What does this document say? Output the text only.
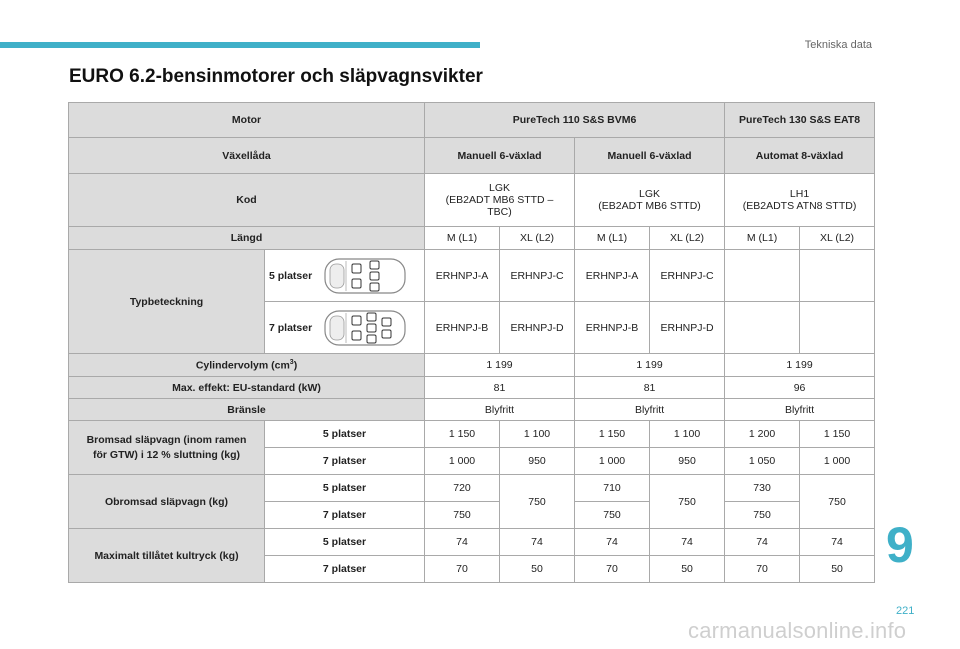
Tekniska data
EURO 6.2-bensinmotorer och släpvagnsvikter
Motor		PureTech 110 S&S BVM6				PureTech 130 S&S EAT8	
Växellåda		Manuell 6-växlad		Manuell 6-växlad		Automat 8-växlad	
Kod		LGK
(EB2ADT MB6 STTD –
TBC)		LGK
(EB2ADT MB6 STTD)		LH1
(EB2ADTS ATN8 STTD)	
Längd		M (L1)	XL (L2)	M (L1)	XL (L2)	M (L1)	XL (L2)
Typbeteckning	5 platser	ERHNPJ-A	ERHNPJ-C	ERHNPJ-A	ERHNPJ-C		

	7 platser	ERHNPJ-B	ERHNPJ-D	ERHNPJ-B	ERHNPJ-D		
Cylindervolym $(cm^3)$		1 199		1 199		1 199	
Max. effekt: EU-standard (kW)		81		81		96	
Bränsle		Blyfritt		Blyfritt		Blyfritt	
Bromsad släpvagn (inom ramen
för GTW) i 12 % sluttning (kg)	5 platser	1 150	1 100	1 150	1 100	1 200	1 150
	7 platser	1 000	950	1 000	950	1 050	1 000
Obromsad släpvagn (kg)	5 platser	720	750	710	750	730	750
	7 platser	750		750		750	
Maximalt tillåtet kultryck (kg)	5 platser	74	74	74	74	74	74
	7 platser	70	50	70	50	70	50 9
221
carmanualsonline.info
